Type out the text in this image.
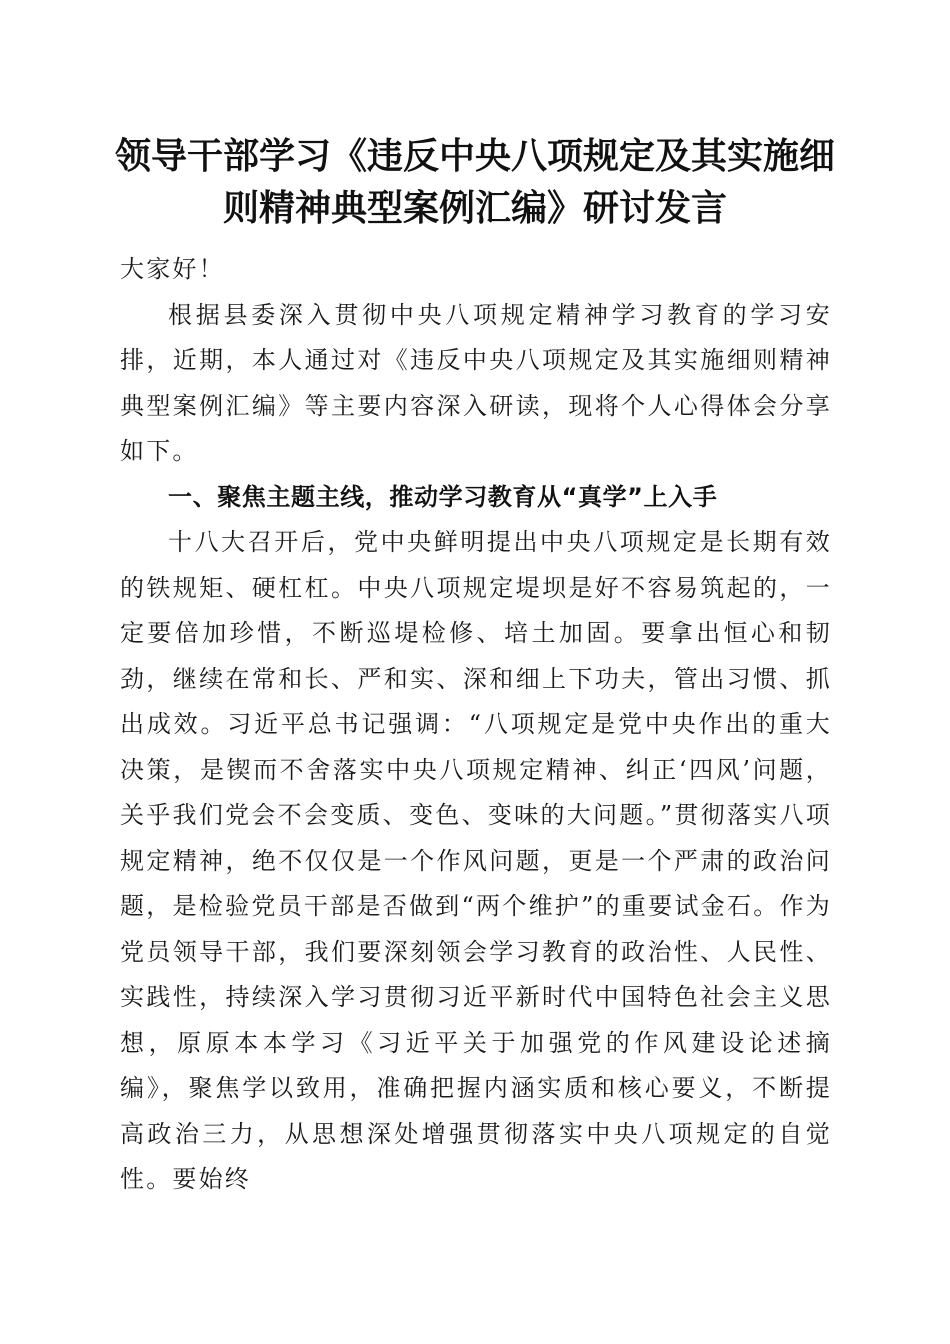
领导干部学习《违反中央八项规定及其实施细
则精神典型案例汇编》研讨发言

大家好！

根据县委深入贯彻中央八项规定精神学习教育的学习安排，近期，本人通过对《违反中央八项规定及其实施细则精神典型案例汇编》等主要内容深入研读，现将个人心得体会分享如下。

一、聚焦主题主线，推动学习教育从“真学”上入手

十八大召开后，党中央鲜明提出中央八项规定是长期有效的铁规矩、硬杠杠。中央八项规定堤坝是好不容易筑起的，一定要倍加珍惜，不断巡堤检修、培土加固。要拿出恒心和韧劲，继续在常和长、严和实、深和细上下功夫，管出习惯、抓出成效。习近平总书记强调：“八项规定是党中央作出的重大决策，是锲而不舍落实中央八项规定精神、纠正‘四风’问题，关乎我们党会不会变质、变色、变味的大问题。”贯彻落实八项规定精神，绝不仅仅是一个作风问题，更是一个严肃的政治问题，是检验党员干部是否做到“两个维护”的重要试金石。作为党员领导干部，我们要深刻领会学习教育的政治性、人民性、实践性，持续深入学习贯彻习近平新时代中国特色社会主义思想，原原本本学习《习近平关于加强党的作风建设论述摘编》，聚焦学以致用，准确把握内涵实质和核心要义，不断提高政治三力，从思想深处增强贯彻落实中央八项规定的自觉性。要始终
